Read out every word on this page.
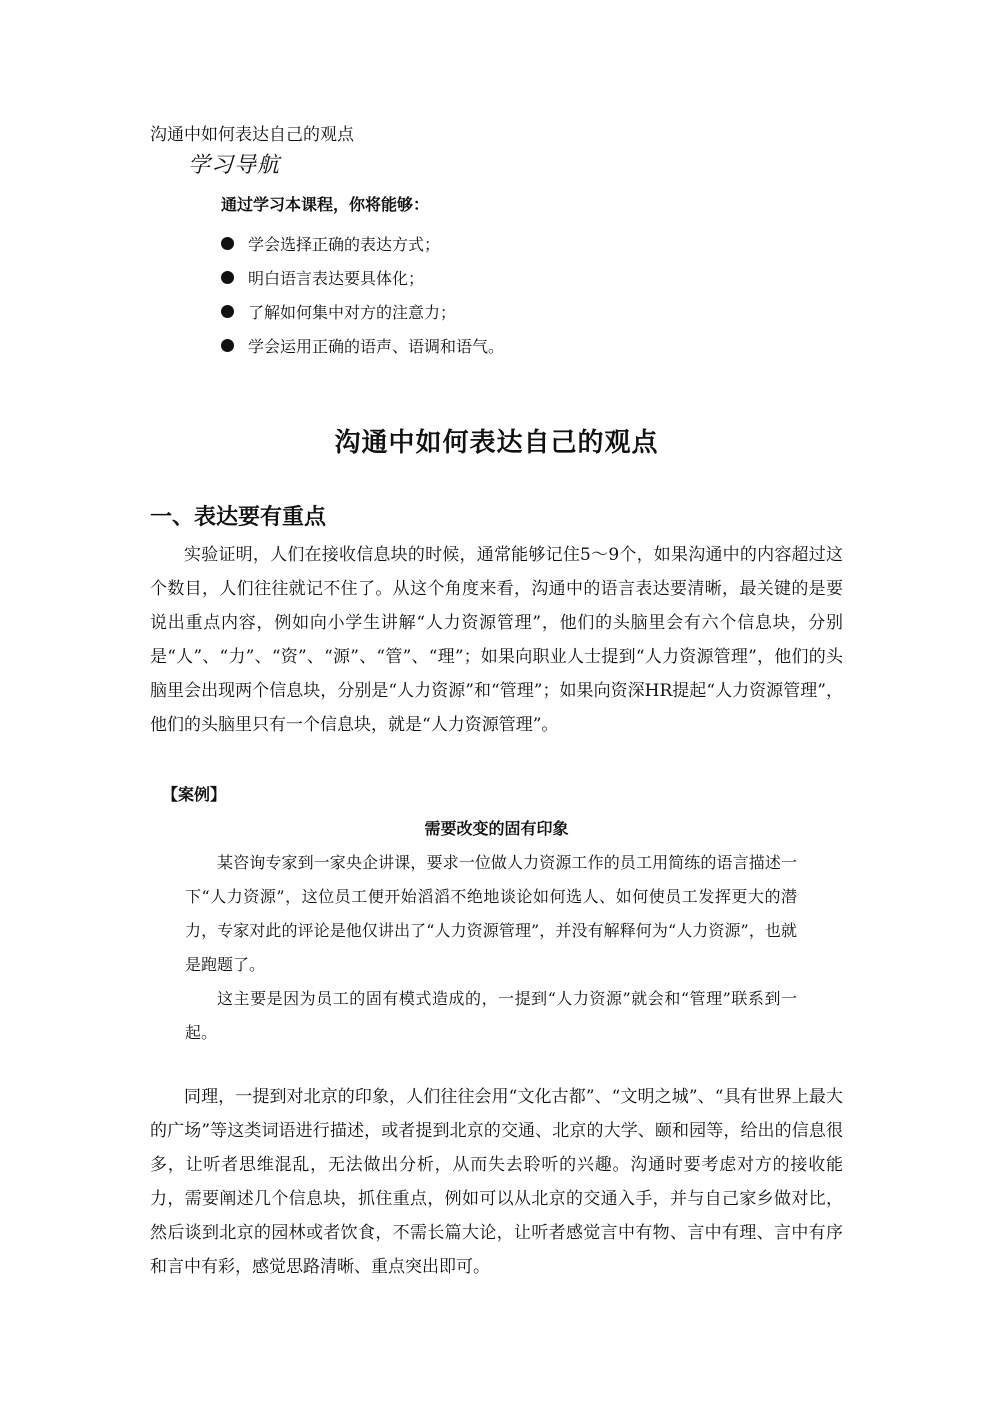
沟通中如何表达自己的观点
学习导航
通过学习本课程，你将能够：
学会选择正确的表达方式；
明白语言表达要具体化；
了解如何集中对方的注意力；
学会运用正确的语声、语调和语气。
沟通中如何表达自己的观点
一、表达要有重点

实验证明，人们在接收信息块的时候，通常能够记住5～9个，如果沟通中的内容超过这个数目，人们往往就记不住了。从这个角度来看，沟通中的语言表达要清晰，最关键的是要说出重点内容，例如向小学生讲解“人力资源管理”，他们的头脑里会有六个信息块，分别是“人”、“力”、“资”、“源”、“管”、“理”；如果向职业人士提到“人力资源管理”，他们的头脑里会出现两个信息块，分别是“人力资源”和“管理”；如果向资深HR提起“人力资源管理”，他们的头脑里只有一个信息块，就是“人力资源管理”。

【案例】
需要改变的固有印象

某咨询专家到一家央企讲课，要求一位做人力资源工作的员工用简练的语言描述一下“人力资源”，这位员工便开始滔滔不绝地谈论如何选人、如何使员工发挥更大的潜力，专家对此的评论是他仅讲出了“人力资源管理”，并没有解释何为“人力资源”，也就是跑题了。

这主要是因为员工的固有模式造成的，一提到“人力资源”就会和“管理”联系到一起。

同理，一提到对北京的印象，人们往往会用“文化古都”、“文明之城”、“具有世界上最大的广场”等这类词语进行描述，或者提到北京的交通、北京的大学、颐和园等，给出的信息很多，让听者思维混乱，无法做出分析，从而失去聆听的兴趣。沟通时要考虑对方的接收能力，需要阐述几个信息块，抓住重点，例如可以从北京的交通入手，并与自己家乡做对比，然后谈到北京的园林或者饮食，不需长篇大论，让听者感觉言中有物、言中有理、言中有序和言中有彩，感觉思路清晰、重点突出即可。
